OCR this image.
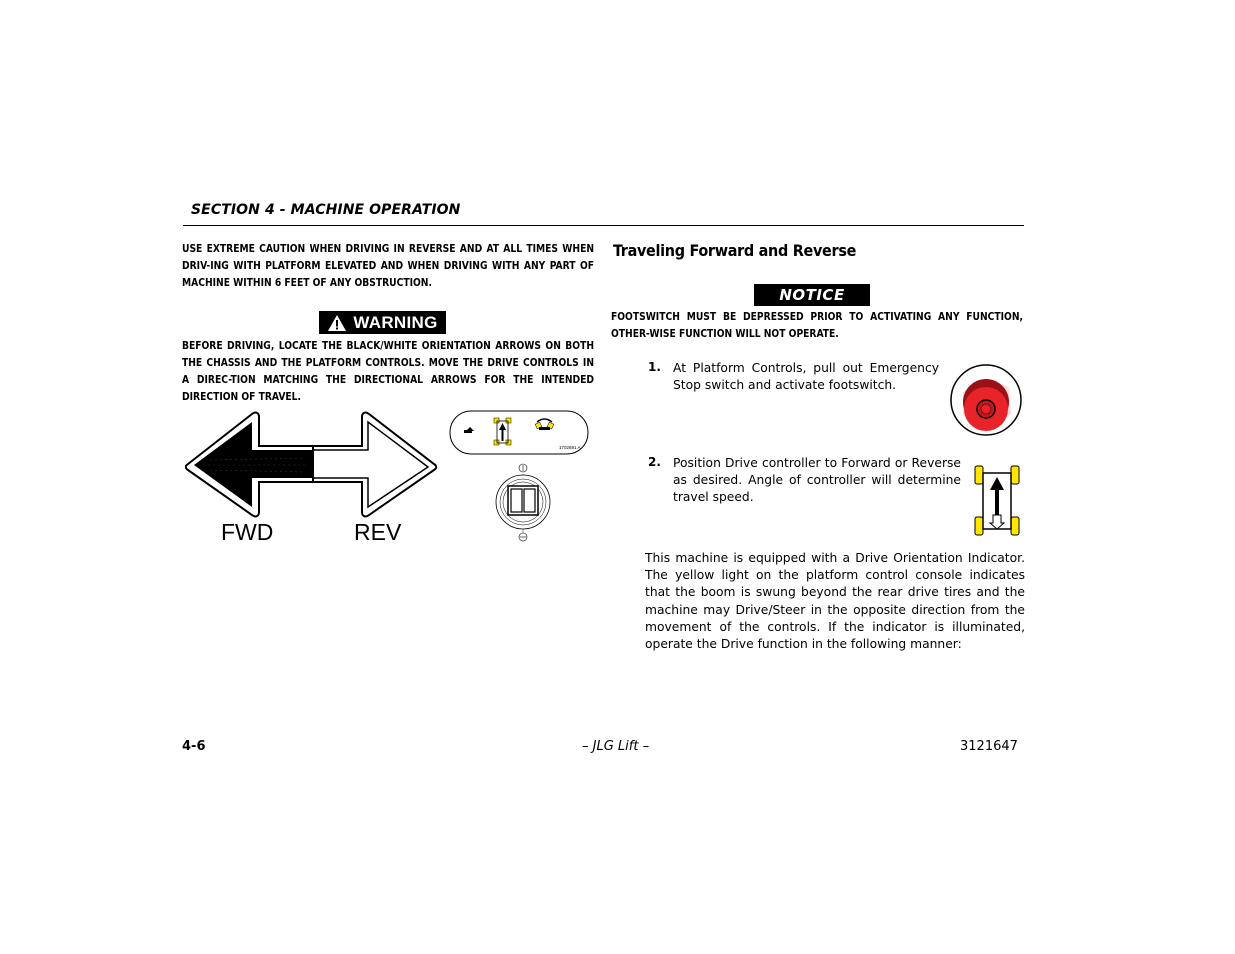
SECTION 4 - MACHINE OPERATION
USE EXTREME CAUTION WHEN DRIVING IN REVERSE AND AT ALL TIMES WHEN DRIV-ING WITH PLATFORM ELEVATED AND WHEN DRIVING WITH ANY PART OF MACHINE WITHIN 6 FEET OF ANY OBSTRUCTION.
WARNING
BEFORE DRIVING, LOCATE THE BLACK/WHITE ORIENTATION ARROWS ON BOTH THE CHASSIS AND THE PLATFORM CONTROLS. MOVE THE DRIVE CONTROLS IN A DIREC-TION MATCHING THE DIRECTIONAL ARROWS FOR THE INTENDED DIRECTION OF TRAVEL.
FWD	REV
1702691 A
Traveling Forward and Reverse
NOTICE
FOOTSWITCH MUST BE DEPRESSED PRIOR TO ACTIVATING ANY FUNCTION, OTHER-WISE FUNCTION WILL NOT OPERATE.
1. At Platform Controls, pull out Emergency Stop switch and activate footswitch.
2. Position Drive controller to Forward or Reverse as desired. Angle of controller will determine travel speed.
This machine is equipped with a Drive Orientation Indicator. The yellow light on the platform control console indicates that the boom is swung beyond the rear drive tires and the machine may Drive/Steer in the opposite direction from the movement of the controls. If the indicator is illuminated, operate the Drive function in the following manner:
4-6	– JLG Lift –	3121647
